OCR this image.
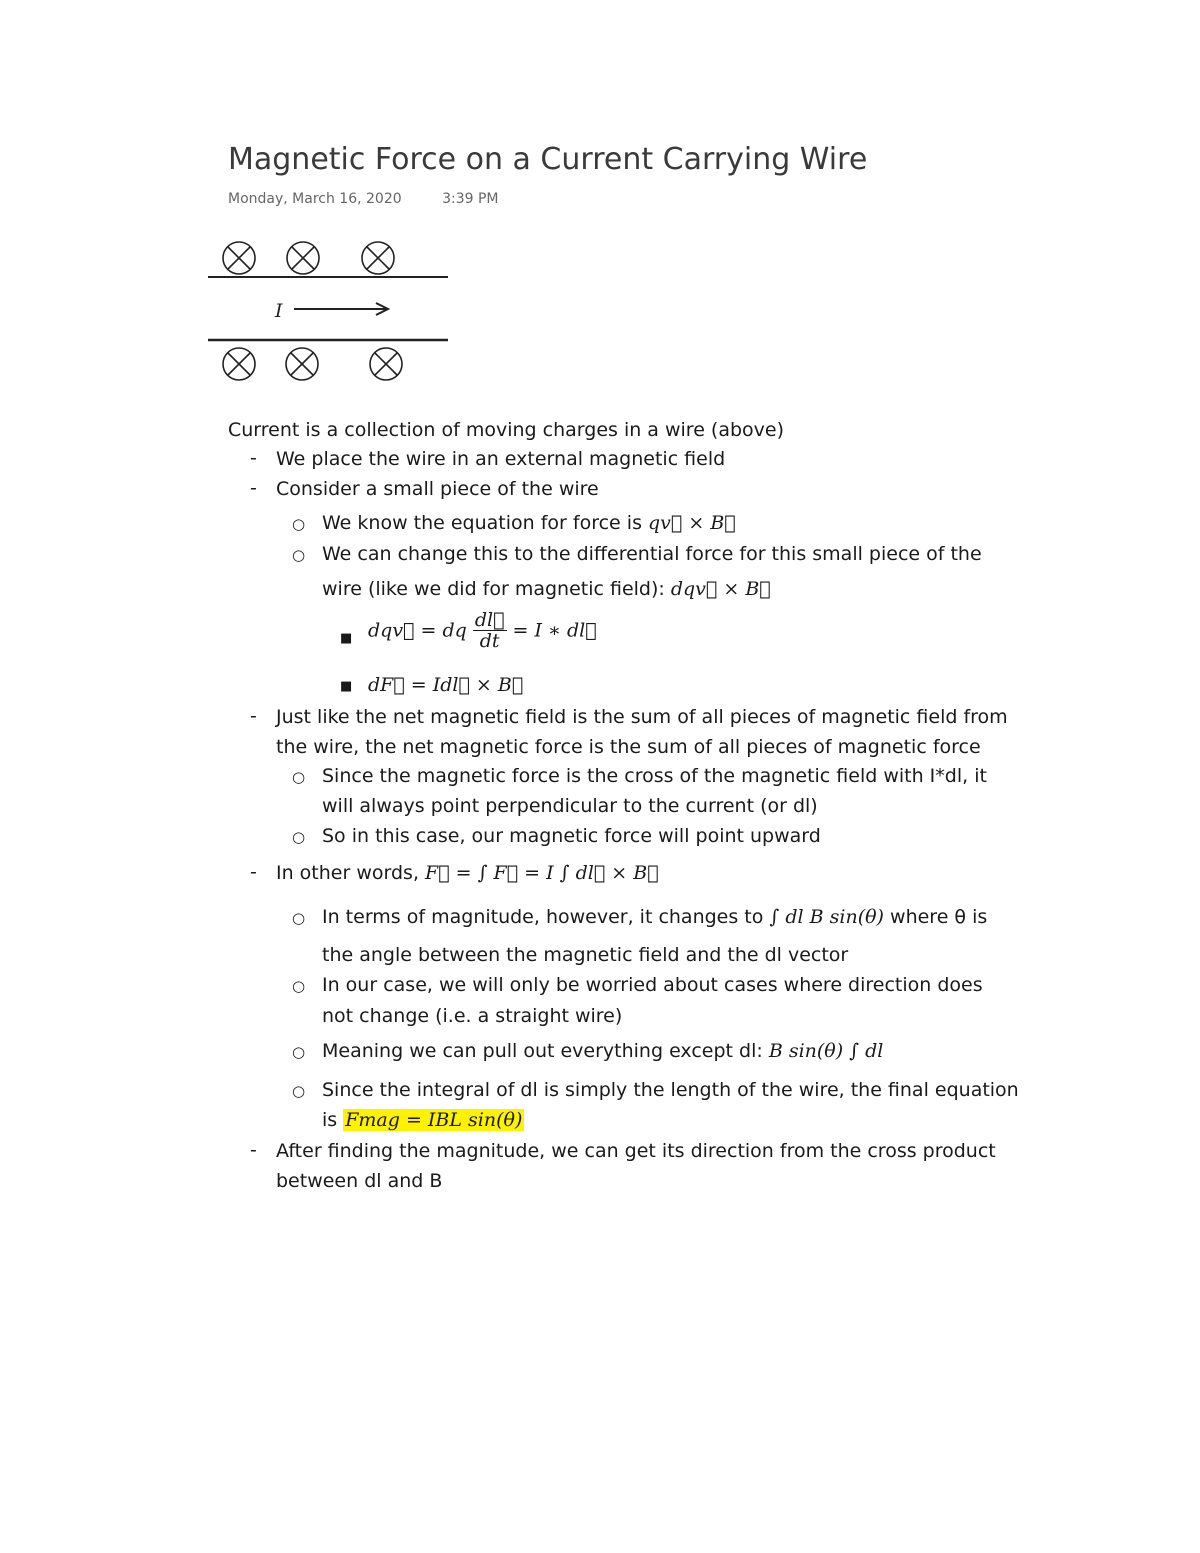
Magnetic Force on a Current Carrying Wire
Monday, March 16, 2020	3:39 PM
I
Current is a collection of moving charges in a wire (above)
- We place the wire in an external magnetic field
- Consider a small piece of the wire
○ We know the equation for force is qv⃗ × B⃗
○ We can change this to the differential force for this small piece of the
wire (like we did for magnetic field): dqv⃗ × B⃗
■ dqv⃗ = dq $\frac{dl⃗}{dt} = I$ ∗ dl⃗
■ dF⃗ = Idl⃗ × B⃗
- Just like the net magnetic field is the sum of all pieces of magnetic field from
the wire, the net magnetic force is the sum of all pieces of magnetic force
○ Since the magnetic force is the cross of the magnetic field with I*dl, it
will always point perpendicular to the current (or dl)
○ So in this case, our magnetic force will point upward
- In other words, F⃗ = ∫ F⃗ = I ∫ dl⃗ × B⃗
○ In terms of magnitude, however, it changes to ∫ dl B sin(θ) where θ is
the angle between the magnetic field and the dl vector
○ In our case, we will only be worried about cases where direction does
not change (i.e. a straight wire)
○ Meaning we can pull out everything except dl: B sin(θ) ∫ dl
○ Since the integral of dl is simply the length of the wire, the final equation
is Fmag = IBL sin(θ)
- After finding the magnitude, we can get its direction from the cross product
between dl and B
